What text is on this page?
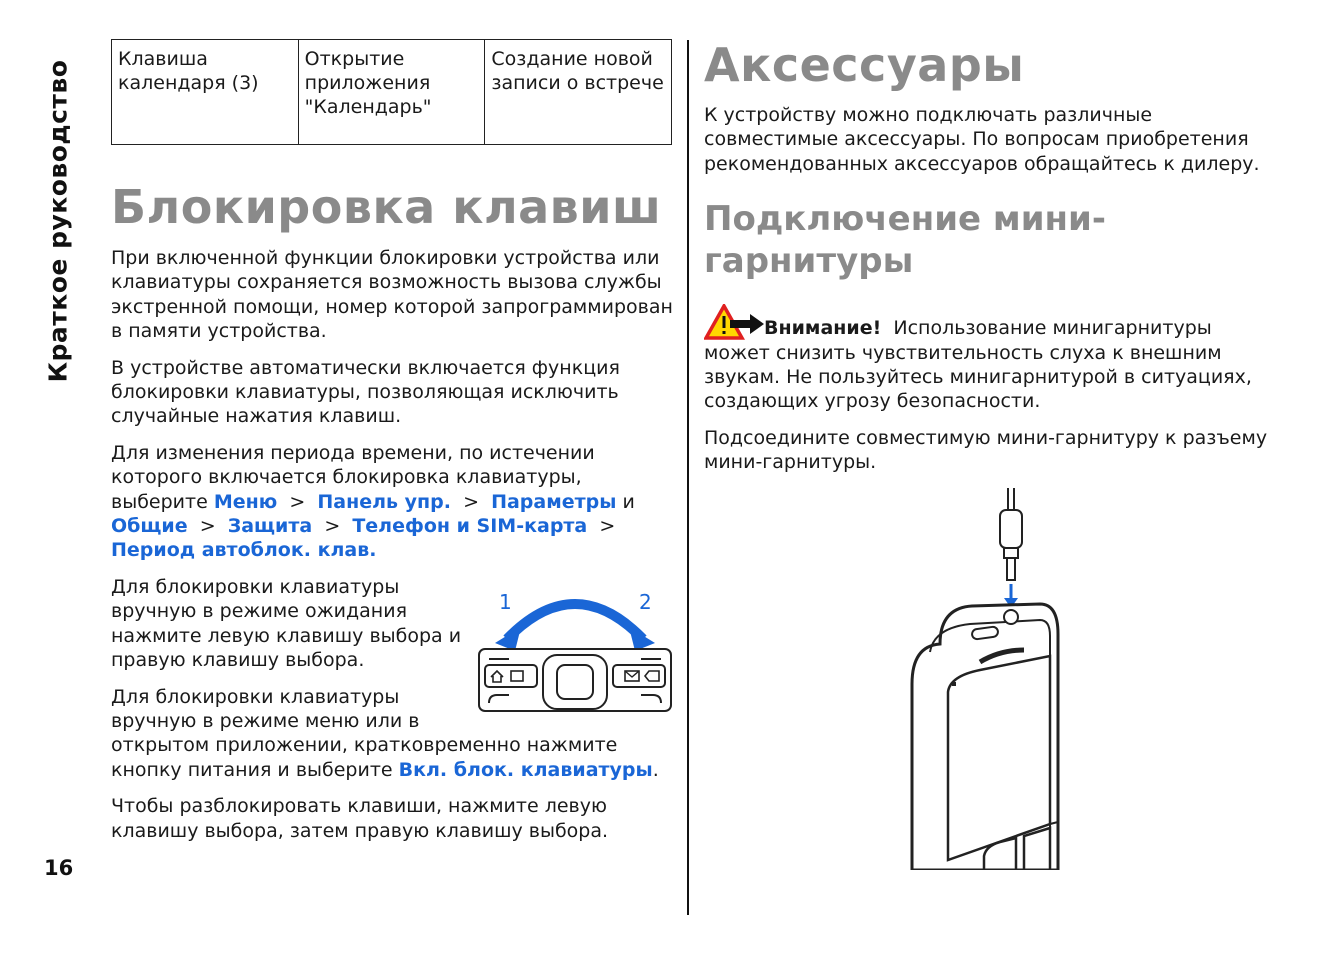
Краткое руководство
16
Клавиша календаря (3)	Открытие приложения "Календарь"	Создание новой записи о встрече
Блокировка клавиш

При включенной функции блокировки устройства или клавиатуры сохраняется возможность вызова службы экстренной помощи, номер которой запрограммирован в памяти устройства.

В устройстве автоматически включается функция блокировки клавиатуры, позволяющая исключить случайные нажатия клавиш.

Для изменения периода времени, по истечении которого включается блокировка клавиатуры, выберите Меню > Панель упр. > Параметры и Общие > Защита > Телефон и SIM-карта > Период автоблок. клав.

1	2

Для блокировки клавиатуры вручную в режиме ожидания нажмите левую клавишу выбора и правую клавишу выбора.

Для блокировки клавиатуры вручную в режиме меню или в открытом приложении, кратковременно нажмите кнопку питания и выберите Вкл. блок. клавиатуры.

Чтобы разблокировать клавиши, нажмите левую клавишу выбора, затем правую клавишу выбора.

Аксессуары

К устройству можно подключать различные совместимые аксессуары. По вопросам приобретения рекомендованных аксессуаров обращайтесь к дилеру.

Подключение мини-гарнитуры

Внимание! Использование минигарнитуры может снизить чувствительность слуха к внешним звукам. Не пользуйтесь минигарнитурой в ситуациях, создающих угрозу безопасности.

Подсоедините совместимую мини-гарнитуру к разъему мини-гарнитуры.
